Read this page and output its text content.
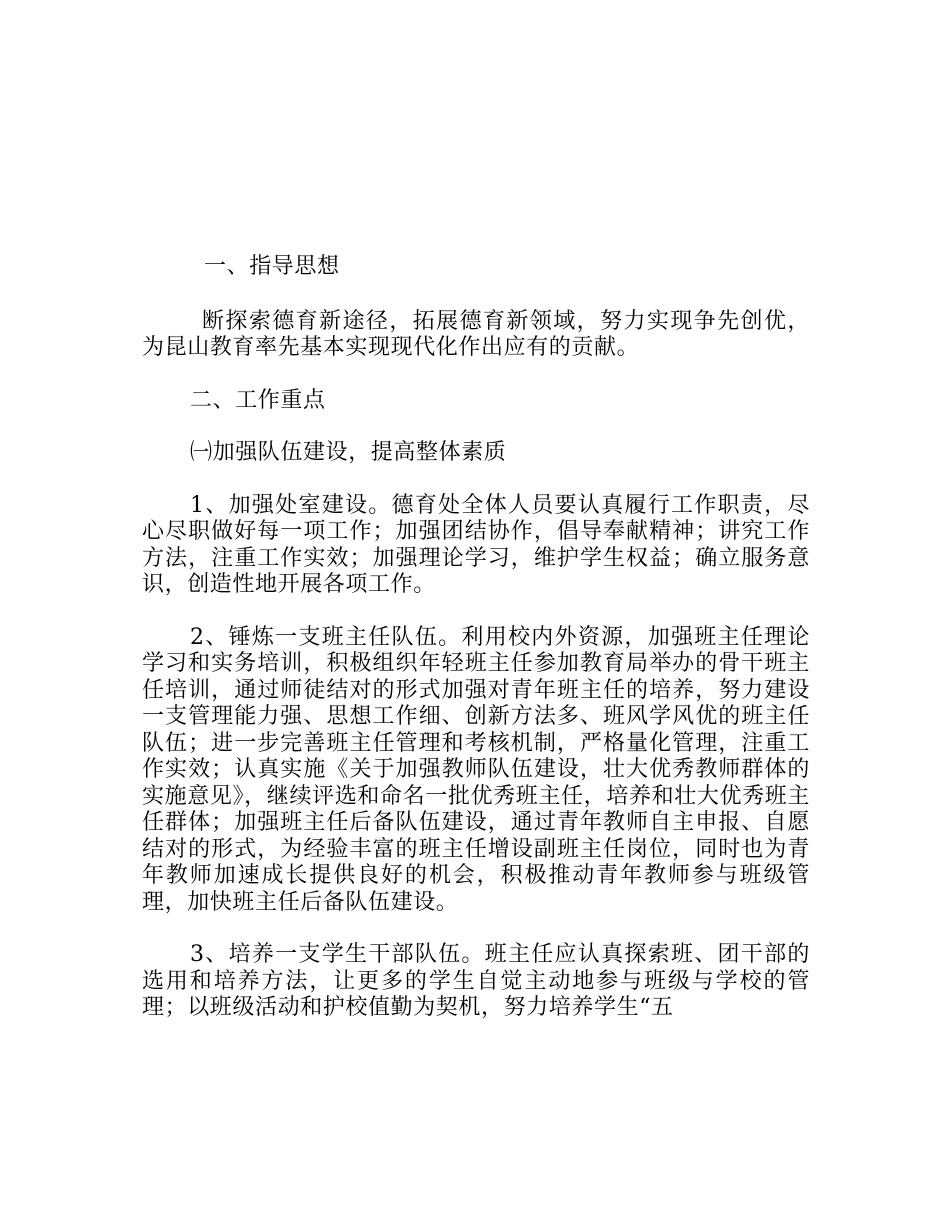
一、指导思想

断探索德育新途径，拓展德育新领域，努力实现争先创优，为昆山教育率先基本实现现代化作出应有的贡献。

二、工作重点

㈠加强队伍建设，提高整体素质

1、加强处室建设。德育处全体人员要认真履行工作职责，尽心尽职做好每一项工作；加强团结协作，倡导奉献精神；讲究工作方法，注重工作实效；加强理论学习，维护学生权益；确立服务意识，创造性地开展各项工作。

2、锤炼一支班主任队伍。利用校内外资源，加强班主任理论学习和实务培训，积极组织年轻班主任参加教育局举办的骨干班主任培训，通过师徒结对的形式加强对青年班主任的培养，努力建设一支管理能力强、思想工作细、创新方法多、班风学风优的班主任队伍；进一步完善班主任管理和考核机制，严格量化管理，注重工作实效；认真实施《关于加强教师队伍建设，壮大优秀教师群体的实施意见》，继续评选和命名一批优秀班主任，培养和壮大优秀班主任群体；加强班主任后备队伍建设，通过青年教师自主申报、自愿结对的形式，为经验丰富的班主任增设副班主任岗位，同时也为青年教师加速成长提供良好的机会，积极推动青年教师参与班级管理，加快班主任后备队伍建设。

3、培养一支学生干部队伍。班主任应认真探索班、团干部的选用和培养方法，让更多的学生自觉主动地参与班级与学校的管理；以班级活动和护校值勤为契机，努力培养学生“五
